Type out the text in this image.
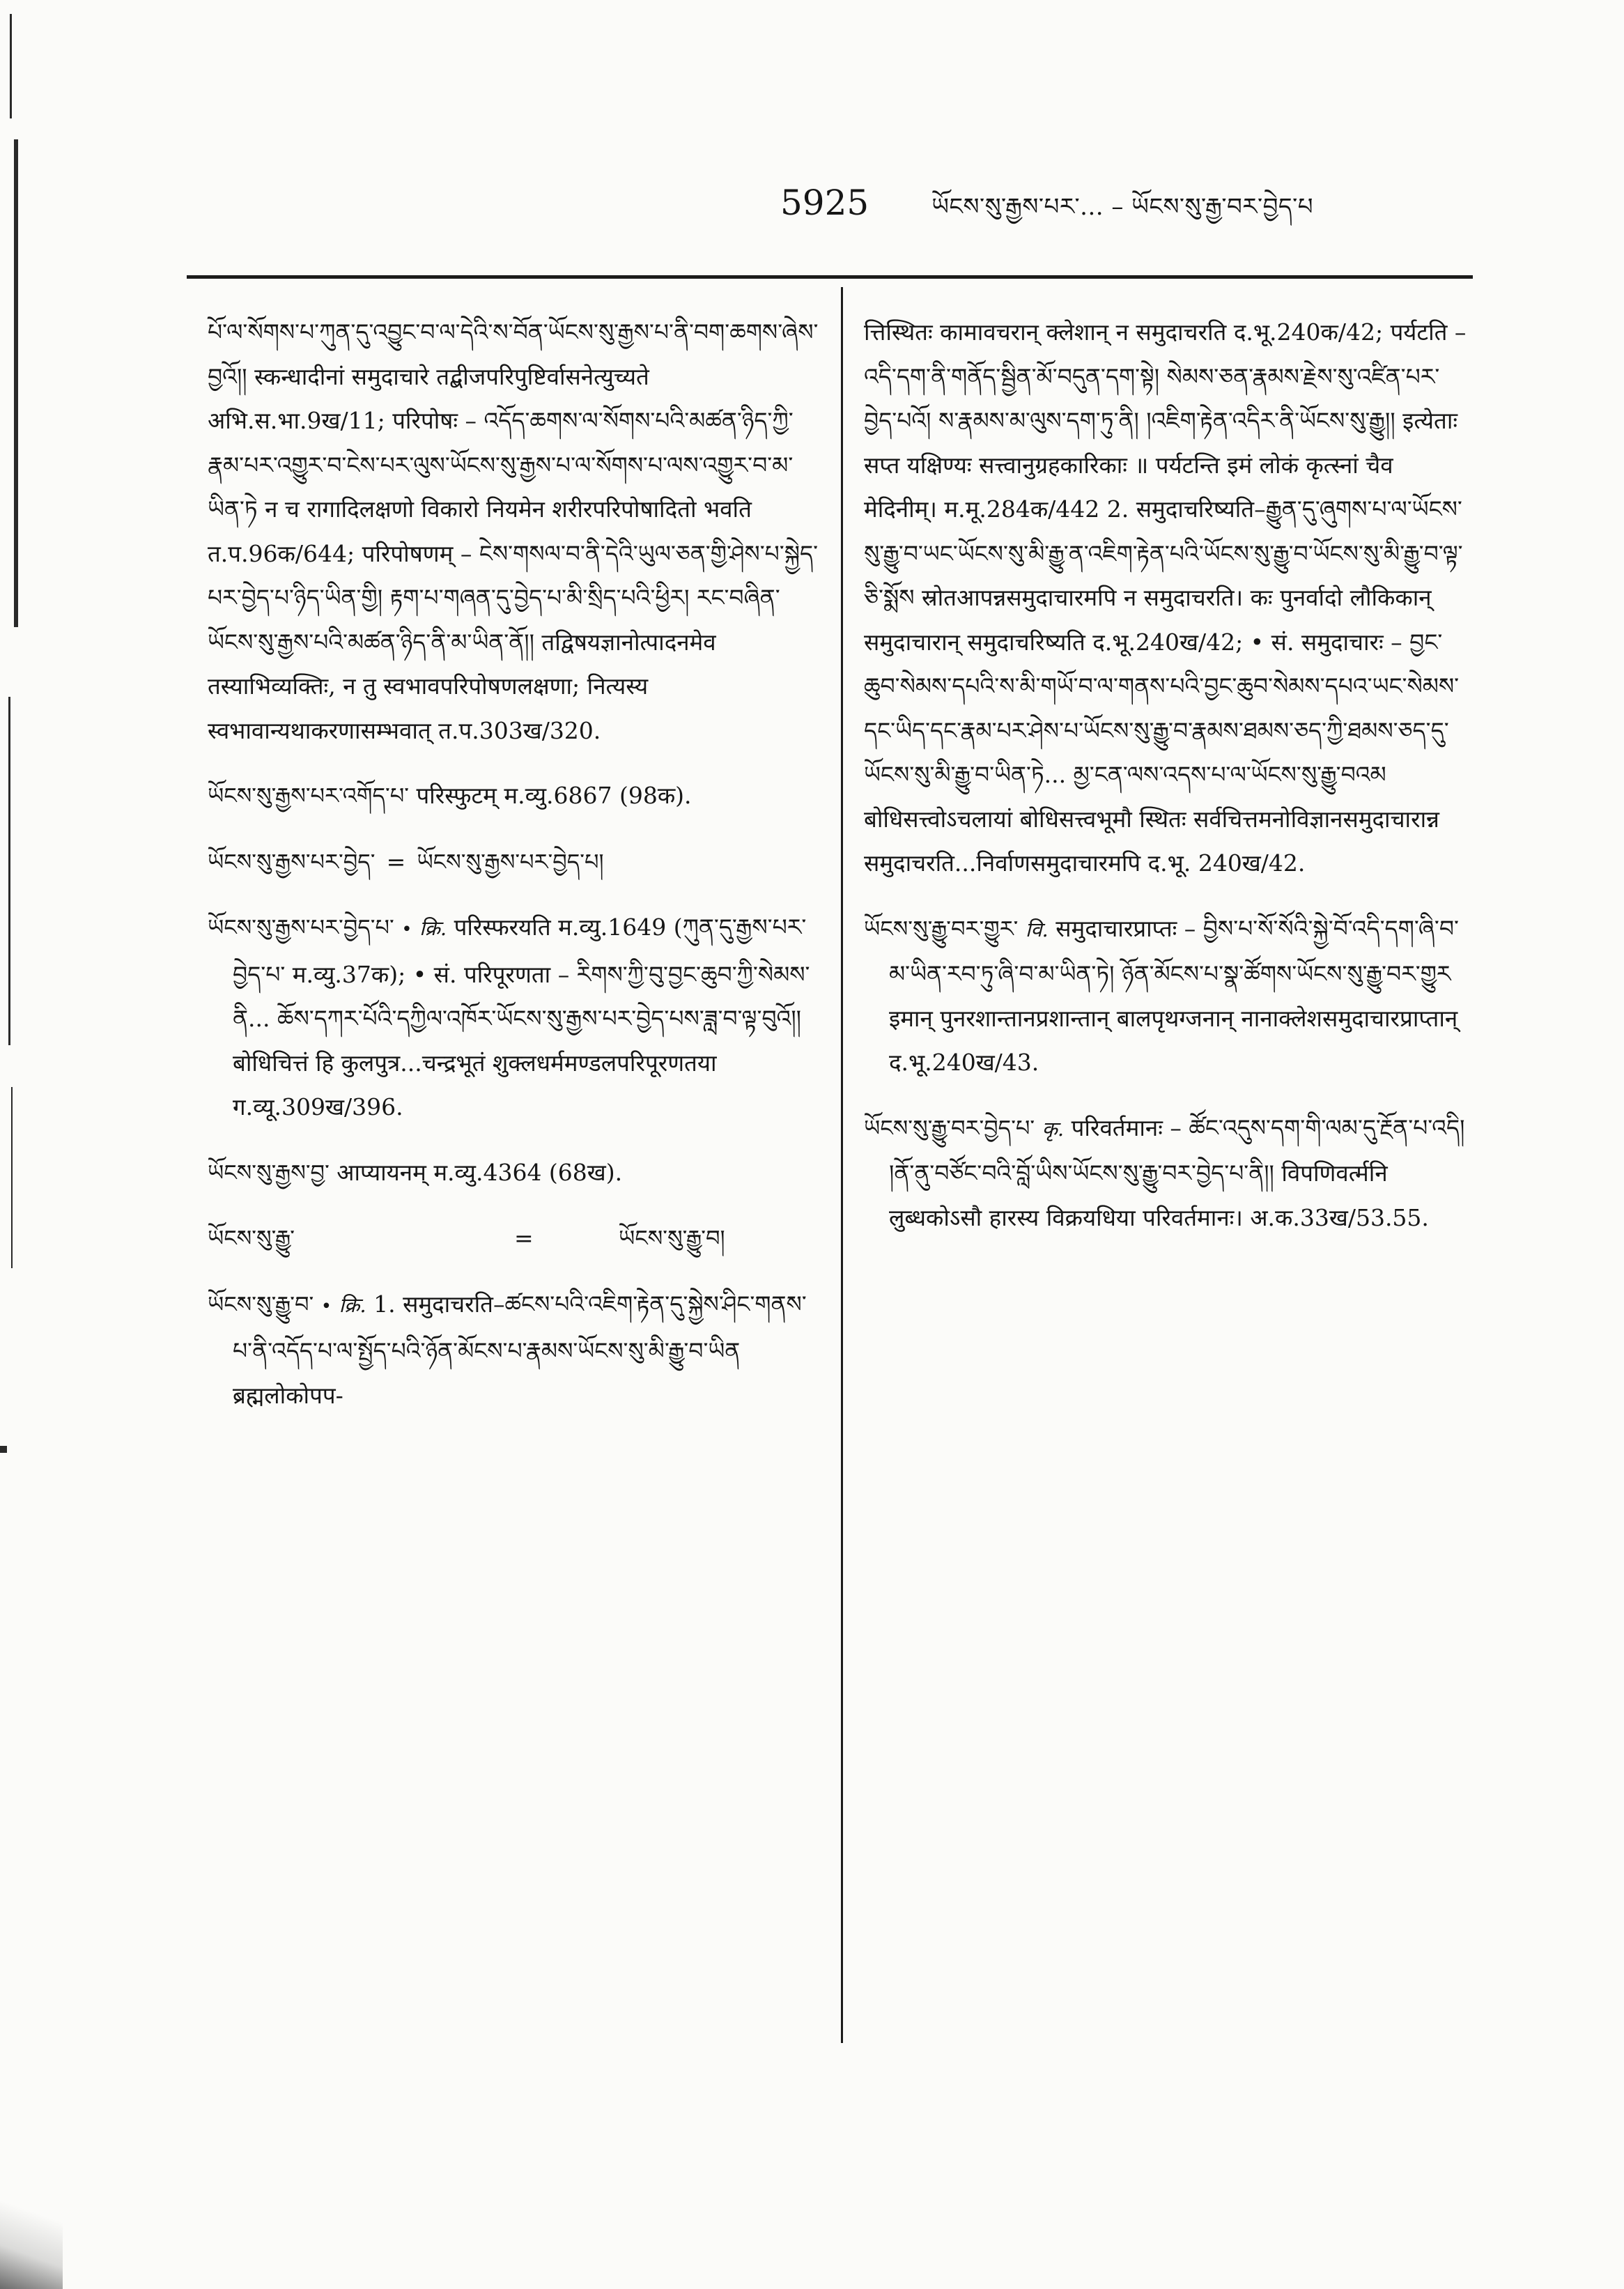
5925	ཡོངས་སུ་རྒྱས་པར་... – ཡོངས་སུ་རྒྱ་བར་བྱེད་པ

པོ་ལ་སོགས་པ་ཀུན་དུ་འབྱུང་བ་ལ་དེའི་ས་བོན་ཡོངས་སུ་རྒྱས་པ་ནི་བག་ཆགས་ཞེས་བྱའོ།། स्कन्धादीनां समुदाचारे तद्बीजपरिपुष्टिर्वासनेत्युच्यते अभि.स.भा.9ख/11; परिपोषः – འདོད་ཆགས་ལ་སོགས་པའི་མཚན་ཉིད་ཀྱི་རྣམ་པར་འགྱུར་བ་ངེས་པར་ལུས་ཡོངས་སུ་རྒྱས་པ་ལ་སོགས་པ་ལས་འགྱུར་བ་མ་ཡིན་ཏེ न च रागादिलक्षणो विकारो नियमेन शरीरपरिपोषादितो भवति त.प.96क/644; परिपोषणम् – ངེས་གསལ་བ་ནི་དེའི་ཡུལ་ཅན་གྱི་ཤེས་པ་སྐྱེད་པར་བྱེད་པ་ཉིད་ཡིན་གྱི། རྟག་པ་གཞན་དུ་བྱེད་པ་མི་སྲིད་པའི་ཕྱིར། རང་བཞིན་ཡོངས་སུ་རྒྱས་པའི་མཚན་ཉིད་ནི་མ་ཡིན་ནོ།། तद्विषयज्ञानोत्पादनमेव तस्याभिव्यक्तिः, न तु स्वभावपरिपोषणलक्षणा; नित्यस्य स्वभावान्यथाकरणासम्भवात् त.प.303ख/320.

ཡོངས་སུ་རྒྱས་པར་འགོད་པ་ परिस्फुटम् म.व्यु.6867 (98क).

ཡོངས་སུ་རྒྱས་པར་བྱེད་ = ཡོངས་སུ་རྒྱས་པར་བྱེད་པ།

ཡོངས་སུ་རྒྱས་པར་བྱེད་པ་ • क्रि. परिस्फरयति म.व्यु.1649 (ཀུན་དུ་རྒྱས་པར་བྱེད་པ་ म.व्यु.37क); • सं. परिपूरणता – རིགས་ཀྱི་བུ་བྱང་ཆུབ་ཀྱི་སེམས་ནི... ཆོས་དཀར་པོའི་དཀྱིལ་འཁོར་ཡོངས་སུ་རྒྱས་པར་བྱེད་པས་ཟླ་བ་ལྟ་བུའོ།། बोधिचित्तं हि कुलपुत्र...चन्द्रभूतं शुक्लधर्ममण्डलपरिपूरणतया ग.व्यू.309ख/396.

ཡོངས་སུ་རྒྱས་བྱ་ आप्यायनम् म.व्यु.4364 (68ख).

ཡོངས་སུ་རྒྱུ་	=	ཡོངས་སུ་རྒྱུ་བ།

ཡོངས་སུ་རྒྱུ་བ་ • क्रि. 1. समुदाचरति–ཚངས་པའི་འཇིག་རྟེན་དུ་སྐྱེས་ཤིང་གནས་པ་ནི་འདོད་པ་ལ་སྤྱོད་པའི་ཉོན་མོངས་པ་རྣམས་ཡོངས་སུ་མི་རྒྱུ་བ་ཡིན ब्रह्मलोकोपप-

त्तिस्थितः कामावचरान् क्लेशान् न समुदाचरति द.भू.240क/42; पर्यटति – འདི་དག་ནི་གནོད་སྦྱིན་མོ་བདུན་དག་སྟེ། སེམས་ཅན་རྣམས་རྗེས་སུ་འཛིན་པར་བྱེད་པའོ། ས་རྣམས་མ་ལུས་དག་ཏུ་ནི། །འཇིག་རྟེན་འདིར་ནི་ཡོངས་སུ་རྒྱུ།། इत्येताः सप्त यक्षिण्यः सत्त्वानुग्रहकारिकाः ॥ पर्यटन्ति इमं लोकं कृत्स्नां चैव मेदिनीम्। म.मू.284क/442 2. समुदाचरिष्यति–རྒྱུན་དུ་ཞུགས་པ་ལ་ཡོངས་སུ་རྒྱུ་བ་ཡང་ཡོངས་སུ་མི་རྒྱུ་ན་འཇིག་རྟེན་པའི་ཡོངས་སུ་རྒྱུ་བ་ཡོངས་སུ་མི་རྒྱུ་བ་ལྟ་ཅི་སྨོས स्रोतआपन्नसमुदाचारमपि न समुदाचरति। कः पुनर्वादो लौकिकान् समुदाचारान् समुदाचरिष्यति द.भू.240ख/42; • सं. समुदाचारः – བྱང་ཆུབ་སེམས་དཔའི་ས་མི་གཡོ་བ་ལ་གནས་པའི་བྱང་ཆུབ་སེམས་དཔའ་ཡང་སེམས་དང་ཡིད་དང་རྣམ་པར་ཤེས་པ་ཡོངས་སུ་རྒྱུ་བ་རྣམས་ཐམས་ཅད་ཀྱི་ཐམས་ཅད་དུ་ཡོངས་སུ་མི་རྒྱུ་བ་ཡིན་ཏེ... མྱ་ངན་ལས་འདས་པ་ལ་ཡོངས་སུ་རྒྱུ་བའམ बोधिसत्त्वोऽचलायां बोधिसत्त्वभूमौ स्थितः सर्वचित्तमनोविज्ञानसमुदाचारान्न समुदाचरति...निर्वाणसमुदाचारमपि द.भू. 240ख/42.

ཡོངས་སུ་རྒྱུ་བར་གྱུར་ वि. समुदाचारप्राप्तः – བྱིས་པ་སོ་སོའི་སྐྱེ་བོ་འདི་དག་ཞི་བ་མ་ཡིན་རབ་ཏུ་ཞི་བ་མ་ཡིན་ཏེ། ཉོན་མོངས་པ་སྣ་ཚོགས་ཡོངས་སུ་རྒྱུ་བར་གྱུར इमान् पुनरशान्तानप्रशान्तान् बालपृथग्जनान् नानाक्लेशसमुदाचारप्राप्तान् द.भू.240ख/43.

ཡོངས་སུ་རྒྱུ་བར་བྱེད་པ་ कृ. परिवर्तमानः – ཚོང་འདུས་དག་གི་ལམ་དུ་རྔོན་པ་འདི། །ནོ་ནུ་བཙོང་བའི་བློ་ཡིས་ཡོངས་སུ་རྒྱུ་བར་བྱེད་པ་ནི།། विपणिवर्त्मनि लुब्धकोऽसौ हारस्य विक्रयधिया परिवर्तमानः। अ.क.33ख/53.55.
